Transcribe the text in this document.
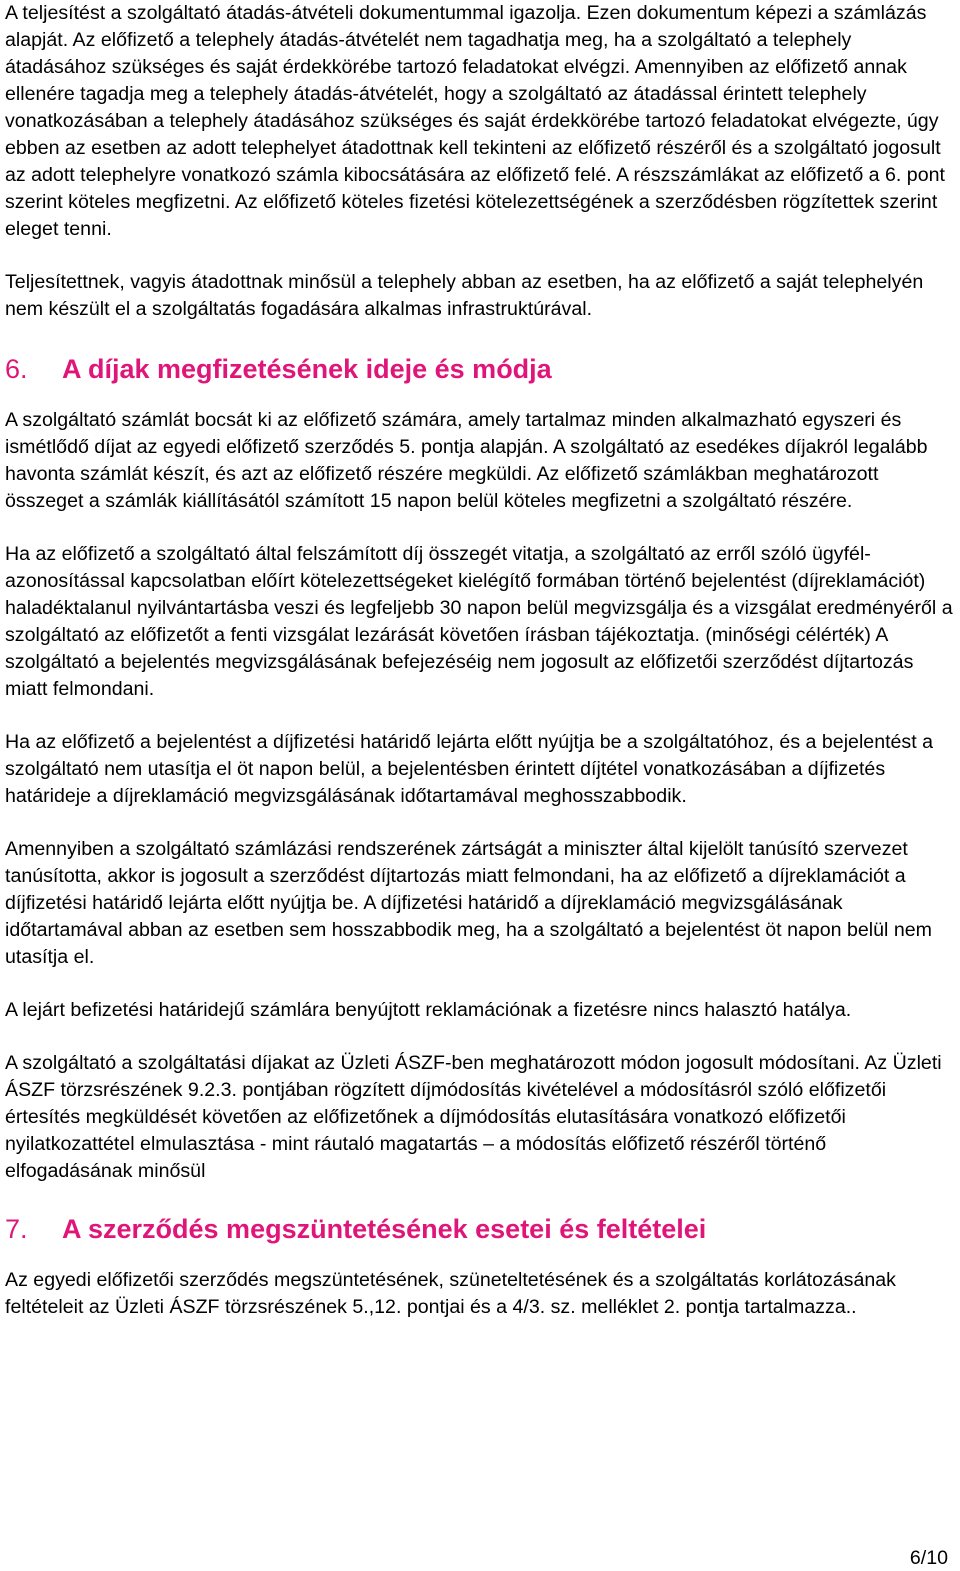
A teljesítést a szolgáltató átadás-átvételi dokumentummal igazolja. Ezen dokumentum képezi a számlázás alapját. Az előfizető a telephely átadás-átvételét nem tagadhatja meg, ha a szolgáltató a telephely átadásához szükséges és saját érdekkörébe tartozó feladatokat elvégzi. Amennyiben az előfizető annak ellenére tagadja meg a telephely átadás-átvételét, hogy a szolgáltató az átadással érintett telephely vonatkozásában a telephely átadásához szükséges és saját érdekkörébe tartozó feladatokat elvégezte, úgy ebben az esetben az adott telephelyet átadottnak kell tekinteni az előfizető részéről és a szolgáltató jogosult az adott telephelyre vonatkozó számla kibocsátására az előfizető felé. A részszámlákat az előfizető a 6. pont szerint köteles megfizetni. Az előfizető köteles fizetési kötelezettségének a szerződésben rögzítettek szerint eleget tenni.

Teljesítettnek, vagyis átadottnak minősül a telephely abban az esetben, ha az előfizető a saját telephelyén nem készült el a szolgáltatás fogadására alkalmas infrastruktúrával.

6. A díjak megfizetésének ideje és módja

A szolgáltató számlát bocsát ki az előfizető számára, amely tartalmaz minden alkalmazható egyszeri és ismétlődő díjat az egyedi előfizető szerződés 5. pontja alapján. A szolgáltató az esedékes díjakról legalább havonta számlát készít, és azt az előfizető részére megküldi. Az előfizető számlákban meghatározott összeget a számlák kiállításától számított 15 napon belül köteles megfizetni a szolgáltató részére.

Ha az előfizető a szolgáltató által felszámított díj összegét vitatja, a szolgáltató az erről szóló ügyfél-azonosítással kapcsolatban előírt kötelezettségeket kielégítő formában történő bejelentést (díjreklamációt) haladéktalanul nyilvántartásba veszi és legfeljebb 30 napon belül megvizsgálja és a vizsgálat eredményéről a szolgáltató az előfizetőt a fenti vizsgálat lezárását követően írásban tájékoztatja. (minőségi célérték) A szolgáltató a bejelentés megvizsgálásának befejezéséig nem jogosult az előfizetői szerződést díjtartozás miatt felmondani.

Ha az előfizető a bejelentést a díjfizetési határidő lejárta előtt nyújtja be a szolgáltatóhoz, és a bejelentést a szolgáltató nem utasítja el öt napon belül, a bejelentésben érintett díjtétel vonatkozásában a díjfizetés határideje a díjreklamáció megvizsgálásának időtartamával meghosszabbodik.

Amennyiben a szolgáltató számlázási rendszerének zártságát a miniszter által kijelölt tanúsító szervezet tanúsította, akkor is jogosult a szerződést díjtartozás miatt felmondani, ha az előfizető a díjreklamációt a díjfizetési határidő lejárta előtt nyújtja be. A díjfizetési határidő a díjreklamáció megvizsgálásának időtartamával abban az esetben sem hosszabbodik meg, ha a szolgáltató a bejelentést öt napon belül nem utasítja el.

A lejárt befizetési határidejű számlára benyújtott reklamációnak a fizetésre nincs halasztó hatálya.

A szolgáltató a szolgáltatási díjakat az Üzleti ÁSZF-ben meghatározott módon jogosult módosítani. Az Üzleti ÁSZF törzsrészének 9.2.3. pontjában rögzített díjmódosítás kivételével a módosításról szóló előfizetői értesítés megküldését követően az előfizetőnek a díjmódosítás elutasítására vonatkozó előfizetői nyilatkozattétel elmulasztása - mint ráutaló magatartás – a módosítás előfizető részéről történő elfogadásának minősül

7. A szerződés megszüntetésének esetei és feltételei

Az egyedi előfizetői szerződés megszüntetésének, szüneteltetésének és a szolgáltatás korlátozásának feltételeit az Üzleti ÁSZF törzsrészének 5.,12. pontjai és a 4/3. sz. melléklet 2. pontja tartalmazza..

6/10
